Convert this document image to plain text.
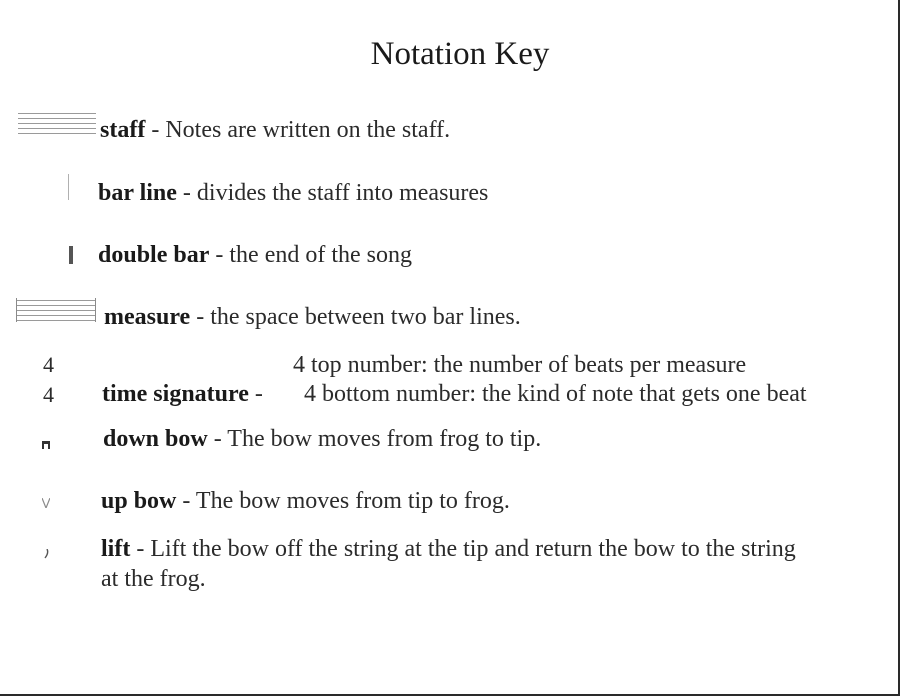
Notation Key
staff - Notes are written on the staff.
bar line - divides the staff into measures
double bar - the end of the song
measure - the space between two bar lines.
4
4
4 top number: the number of beats per measure
time signature - 4 bottom number: the kind of note that gets one beat
down bow - The bow moves from frog to tip.
up bow - The bow moves from tip to frog.
lift - Lift the bow off the string at the tip and return the bow to the string
at the frog.
